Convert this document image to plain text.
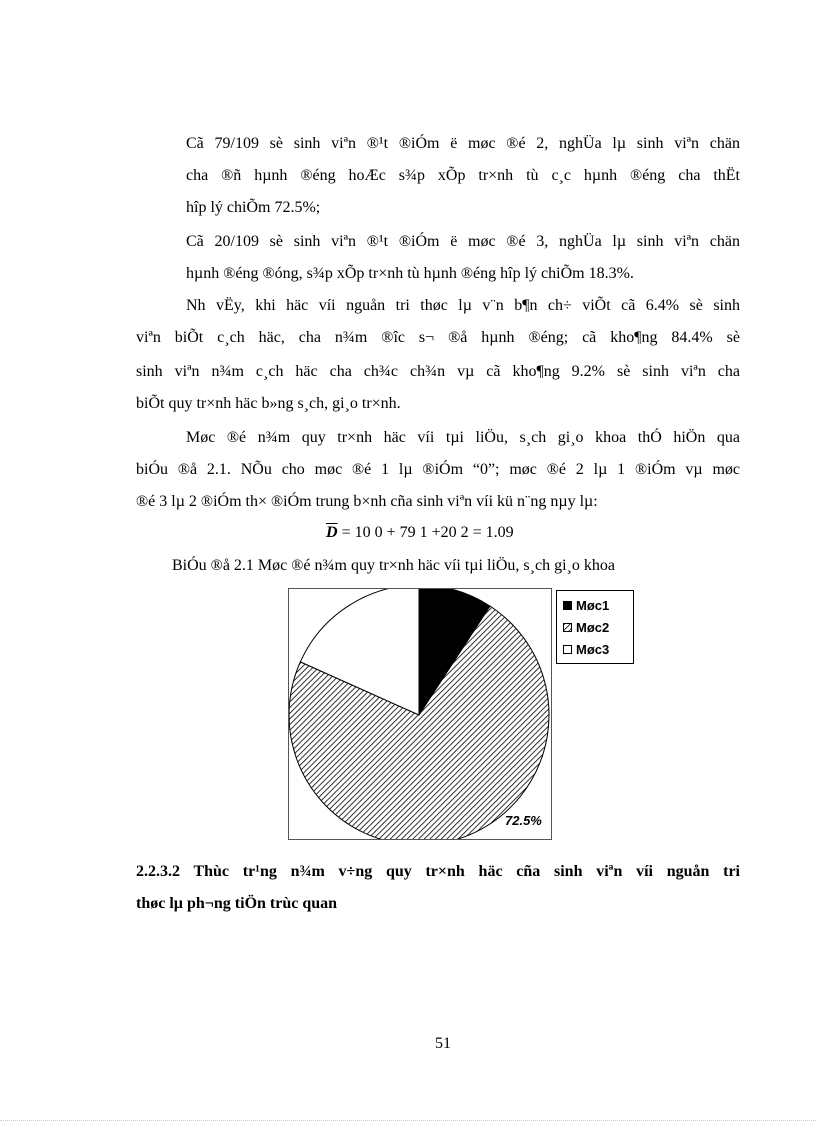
Cã 79/109 sè sinh viªn ®¹t ®iÓm ë møc ®é 2, nghÜa lµ sinh viªn chän
cha ®ñ hµnh ®éng hoÆc s¾p xÕp tr×nh tù c¸c hµnh ®éng cha thËt
hîp lý chiÕm 72.5%;
Cã 20/109 sè sinh viªn ®¹t ®iÓm ë møc ®é 3, nghÜa lµ sinh viªn chän
hµnh ®éng ®óng, s¾p xÕp tr×nh tù hµnh ®éng hîp lý chiÕm 18.3%.
Nh vËy, khi häc víi nguån tri thøc lµ v¨n b¶n ch÷ viÕt cã 6.4% sè sinh
viªn biÕt c¸ch häc, cha n¾m ®îc s¬ ®å hµnh ®éng; cã kho¶ng 84.4% sè
sinh viªn n¾m c¸ch häc cha ch¾c ch¾n vµ cã kho¶ng 9.2% sè sinh viªn cha
biÕt quy tr×nh häc b»ng s¸ch, gi¸o tr×nh.
Møc ®é n¾m quy tr×nh häc víi tµi liÖu, s¸ch gi¸o khoa thÓ hiÖn qua
biÓu ®å 2.1. NÕu cho møc ®é 1 lµ ®iÓm “0”; møc ®é 2 lµ 1 ®iÓm vµ møc
®é 3 lµ 2 ®iÓm th× ®iÓm trung b×nh cña sinh viªn víi kü n¨ng nµy lµ:
$\overline{D} = 10$ 0 + 79 1 +20 2 = 1.09
BiÓu ®å 2.1 Møc ®é n¾m quy tr×nh häc víi tµi liÖu, s¸ch gi¸o khoa
72.5%
Møc1
Møc2
Møc3
2.2.3.2 Thùc tr¹ng n¾m v÷ng quy tr×nh häc cña sinh viªn víi nguån tri
thøc lµ ph¬ng tiÖn trùc quan
51
